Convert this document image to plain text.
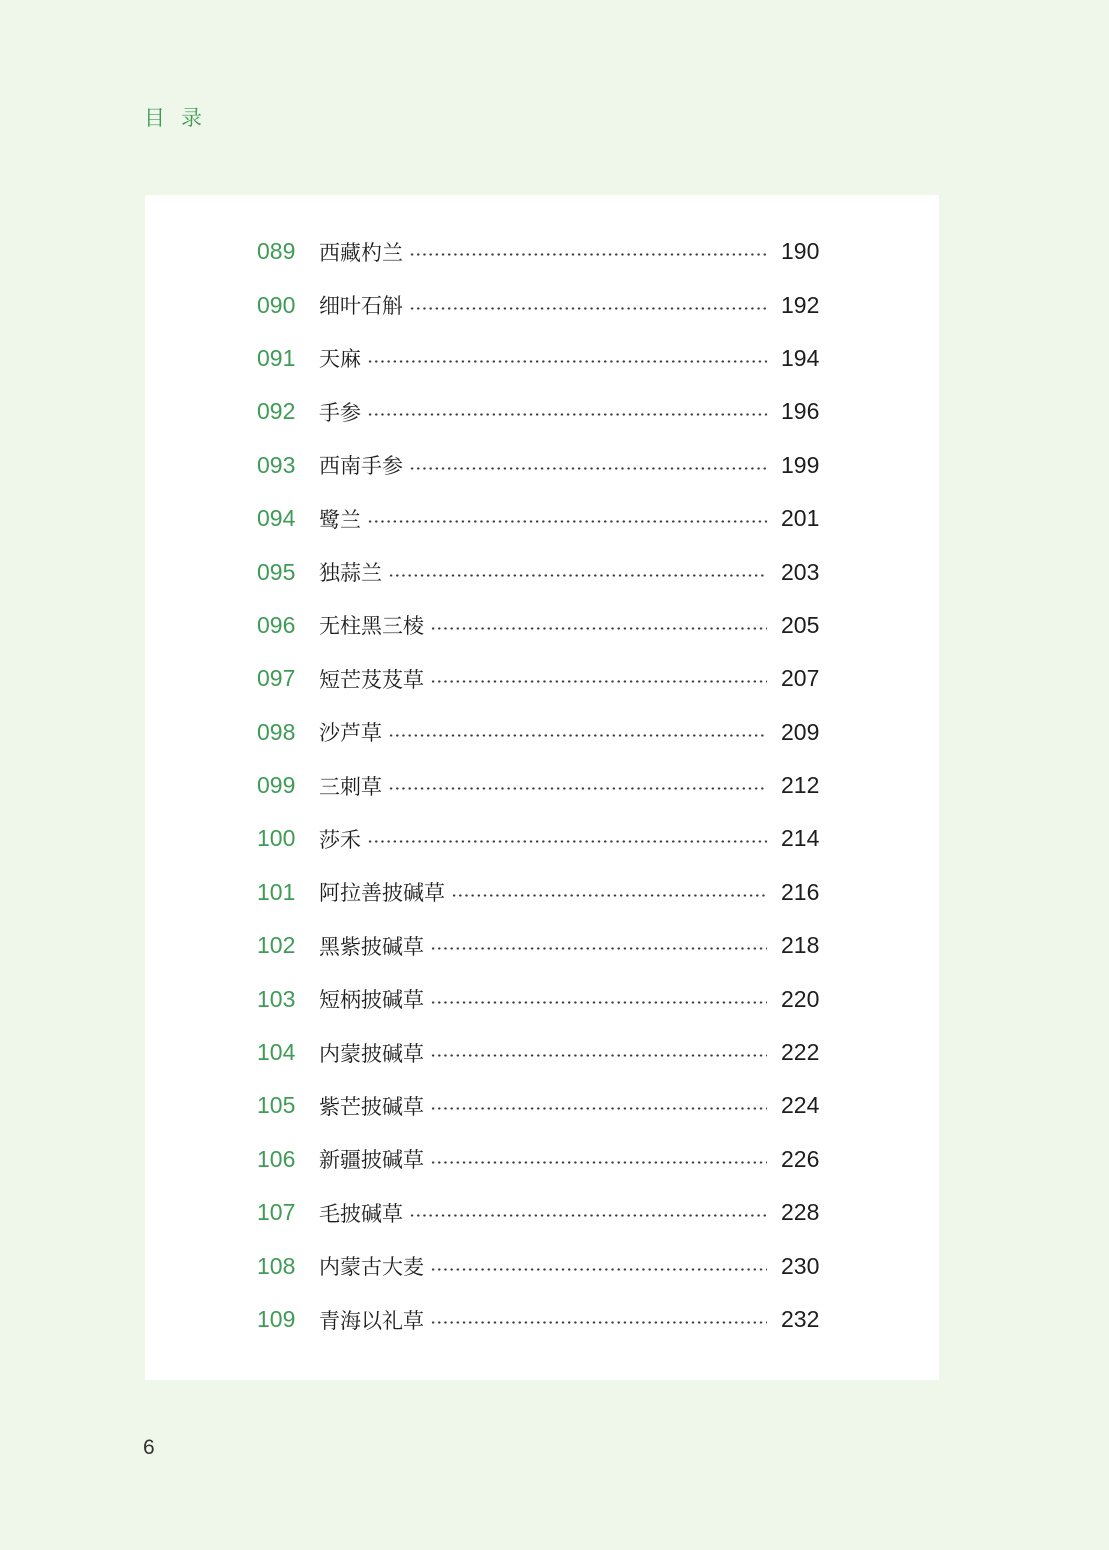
目录
089	西藏杓兰	190
090	细叶石斛	192
091	天麻	194
092	手参	196
093	西南手参	199
094	鹭兰	201
095	独蒜兰	203
096	无柱黑三棱	205
097	短芒芨芨草	207
098	沙芦草	209
099	三刺草	212
100	莎禾	214
101	阿拉善披碱草	216
102	黑紫披碱草	218
103	短柄披碱草	220
104	内蒙披碱草	222
105	紫芒披碱草	224
106	新疆披碱草	226
107	毛披碱草	228
108	内蒙古大麦	230
109	青海以礼草	232
6
